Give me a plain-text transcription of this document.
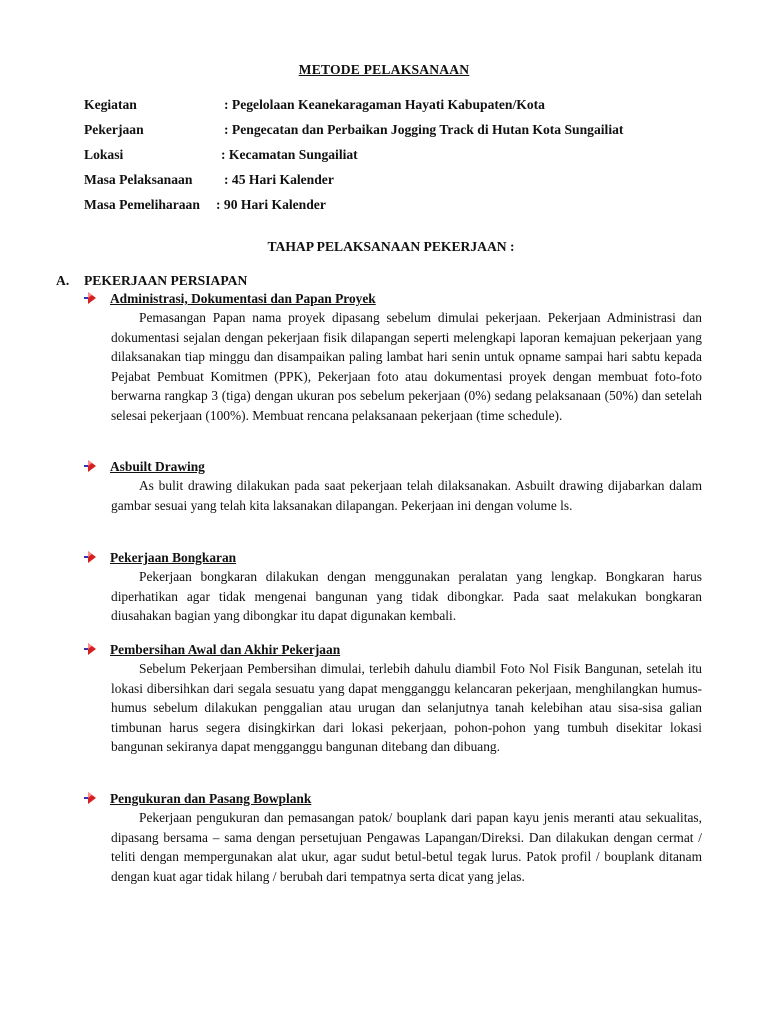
METODE PELAKSANAAN
Kegiatan	: Pegelolaan Keanekaragaman Hayati Kabupaten/Kota
Pekerjaan	: Pengecatan dan Perbaikan Jogging Track di Hutan Kota Sungailiat
Lokasi	: Kecamatan Sungailiat
Masa Pelaksanaan : 45 Hari Kalender
Masa Pemeliharaan : 90 Hari Kalender
TAHAP PELAKSANAAN PEKERJAAN :
A. PEKERJAAN PERSIAPAN
Administrasi, Dokumentasi dan Papan Proyek
Pemasangan Papan nama proyek dipasang sebelum dimulai pekerjaan. Pekerjaan Administrasi dan dokumentasi sejalan dengan pekerjaan fisik dilapangan seperti melengkapi laporan kemajuan pekerjaan yang dilaksanakan tiap minggu dan disampaikan paling lambat hari senin untuk opname sampai hari sabtu kepada Pejabat Pembuat Komitmen (PPK), Pekerjaan foto atau dokumentasi proyek dengan membuat foto-foto berwarna rangkap 3 (tiga) dengan ukuran pos sebelum pekerjaan (0%) sedang pelaksanaan (50%) dan setelah selesai pekerjaan (100%). Membuat rencana pelaksanaan pekerjaan (time schedule).
Asbuilt Drawing
As bulit drawing dilakukan pada saat pekerjaan telah dilaksanakan. Asbuilt drawing dijabarkan dalam gambar sesuai yang telah kita laksanakan dilapangan. Pekerjaan ini dengan volume ls.
Pekerjaan Bongkaran
Pekerjaan bongkaran dilakukan dengan menggunakan peralatan yang lengkap. Bongkaran harus diperhatikan agar tidak mengenai bangunan yang tidak dibongkar. Pada saat melakukan bongkaran diusahakan bagian yang dibongkar itu dapat digunakan kembali.
Pembersihan Awal dan Akhir Pekerjaan
Sebelum Pekerjaan Pembersihan dimulai, terlebih dahulu diambil Foto Nol Fisik Bangunan, setelah itu lokasi dibersihkan dari segala sesuatu yang dapat mengganggu kelancaran pekerjaan, menghilangkan humus-humus sebelum dilakukan penggalian atau urugan dan selanjutnya tanah kelebihan atau sisa-sisa galian timbunan harus segera disingkirkan dari lokasi pekerjaan, pohon-pohon yang tumbuh disekitar lokasi bangunan sekiranya dapat mengganggu bangunan ditebang dan dibuang.
Pengukuran dan Pasang Bowplank
Pekerjaan pengukuran dan pemasangan patok/ bouplank dari papan kayu jenis meranti atau sekualitas, dipasang bersama – sama dengan persetujuan Pengawas Lapangan/Direksi. Dan dilakukan dengan cermat / teliti dengan mempergunakan alat ukur, agar sudut betul-betul tegak lurus. Patok profil / bouplank ditanam dengan kuat agar tidak hilang / berubah dari tempatnya serta dicat yang jelas.
